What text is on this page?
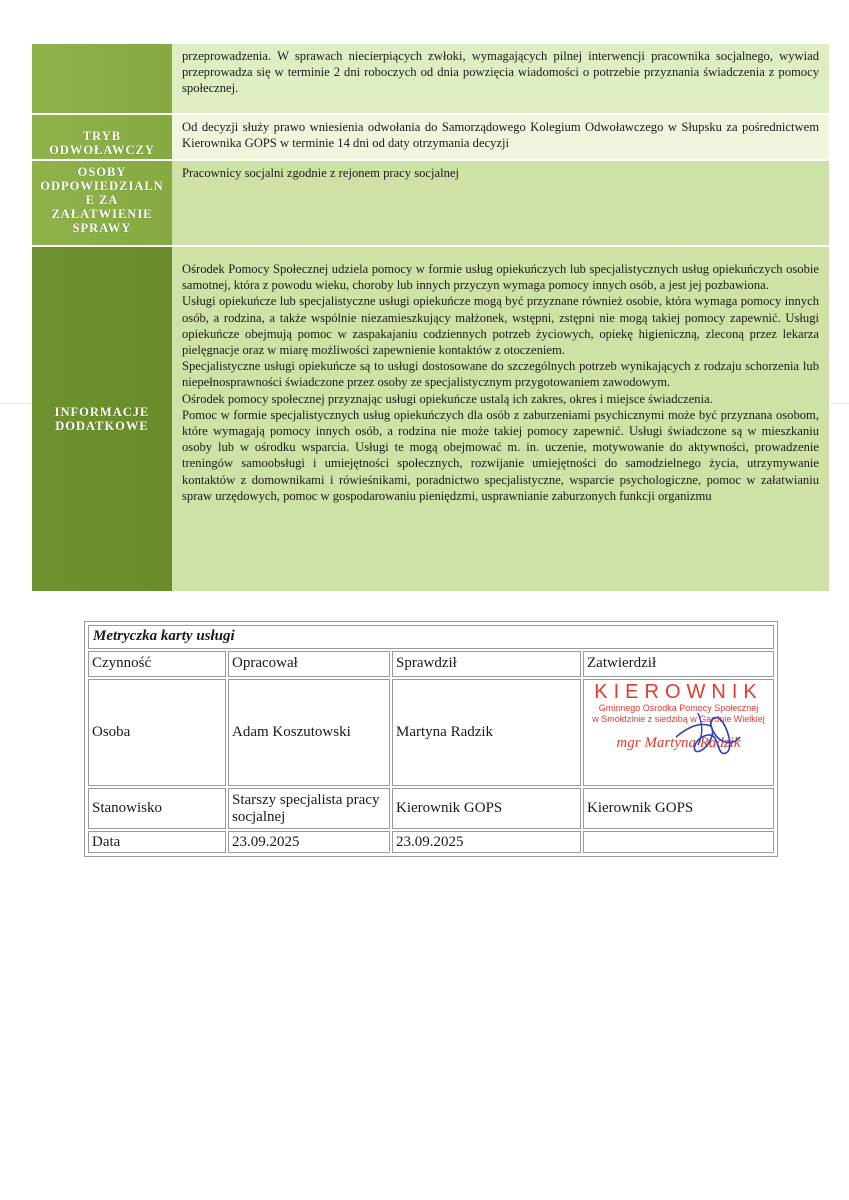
	przeprowadzenia. W sprawach niecierpiących zwłoki, wymagających pilnej interwencji pracownika socjalnego, wywiad przeprowadza się w terminie 2 dni roboczych od dnia powzięcia wiadomości o potrzebie przyznania świadczenia z pomocy społecznej.

TRYB ODWOŁAWCZY	Od decyzji służy prawo wniesienia odwołania do Samorządowego Kolegium Odwoławczego w Słupsku za pośrednictwem Kierownika GOPS w terminie 14 dni od daty otrzymania decyzji

OSOBY ODPOWIEDZIALN E ZA ZAŁATWIENIE SPRAWY	Pracownicy socjalni zgodnie z rejonem pracy socjalnej

INFORMACJE DODATKOWE	Ośrodek Pomocy Społecznej udziela pomocy w formie usług opiekuńczych lub specjalistycznych usług opiekuńczych osobie samotnej, która z powodu wieku, choroby lub innych przyczyn wymaga pomocy innych osób, a jest jej pozbawiona.

Usługi opiekuńcze lub specjalistyczne usługi opiekuńcze mogą być przyznane również osobie, która wymaga pomocy innych osób, a rodzina, a także wspólnie niezamieszkujący małżonek, wstępni, zstępni nie mogą takiej pomocy zapewnić. Usługi opiekuńcze obejmują pomoc w zaspakajaniu codziennych potrzeb życiowych, opiekę higieniczną, zleconą przez lekarza pielęgnacje oraz w miarę możliwości zapewnienie kontaktów z otoczeniem.

Specjalistyczne usługi opiekuńcze są to usługi dostosowane do szczególnych potrzeb wynikających z rodzaju schorzenia lub niepełnosprawności świadczone przez osoby ze specjalistycznym przygotowaniem zawodowym.

Ośrodek pomocy społecznej przyznając usługi opiekuńcze ustalą ich zakres, okres i miejsce świadczenia.

Pomoc w formie specjalistycznych usług opiekuńczych dla osób z zaburzeniami psychicznymi może być przyznana osobom, które wymagają pomocy innych osób, a rodzina nie może takiej pomocy zapewnić. Usługi świadczone są w mieszkaniu osoby lub w ośrodku wsparcia. Usługi te mogą obejmować m. in. uczenie, motywowanie do aktywności, prowadzenie treningów samoobsługi i umiejętności społecznych, rozwijanie umiejętności do samodzielnego życia, utrzymywanie kontaktów z domownikami i rówieśnikami, poradnictwo specjalistyczne, wsparcie psychologiczne, pomoc w załatwianiu spraw urzędowych, pomoc w gospodarowaniu pieniędzmi, usprawnianie zaburzonych funkcji organizmu

Metryczka karty usługi			
Czynność	Opracował	Sprawdził	Zatwierdził
Osoba	Adam Koszutowski	Martyna Radzik	KIEROWNIK
Gminnego Ośrodka Pomocy Społecznej
w Smołdzinie z siedzibą w Gardnie Wielkiej
mgr Martyna Radzik

Stanowisko	Starszy specjalista pracy socjalnej	Kierownik GOPS	Kierownik GOPS
Data	23.09.2025	23.09.2025	
